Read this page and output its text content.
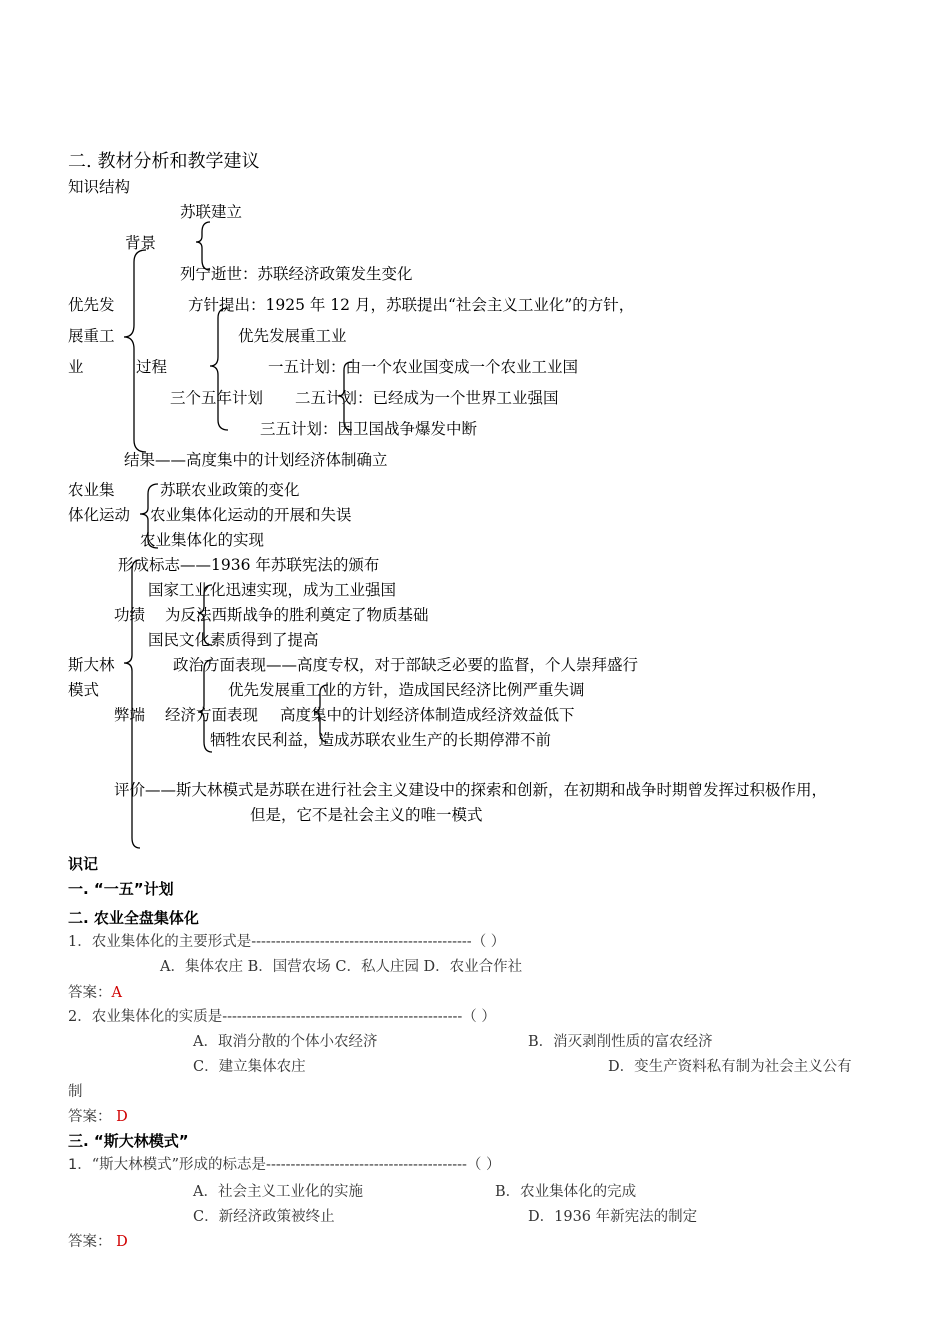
二. 教材分析和教学建议
知识结构
苏联建立
背景
列宁逝世：苏联经济政策发生变化
优先发
展重工
业
方针提出：1925 年 12 月，苏联提出“社会主义工业化”的方针，
优先发展重工业
过程	一五计划：由一个农业国变成一个农业工业国
三个五年计划 二五计划：已经成为一个世界工业强国
三五计划：因卫国战争爆发中断
结果——高度集中的计划经济体制确立
农业集
体化运动
苏联农业政策的变化
农业集体化运动的开展和失误
农业集体化的实现
形成标志——1936 年苏联宪法的颁布
国家工业化迅速实现，成为工业强国
功绩 为反法西斯战争的胜利奠定了物质基础
国民文化素质得到了提高
斯大林
模式
政治方面表现——高度专权，对于部缺乏必要的监督，个人崇拜盛行
优先发展重工业的方针，造成国民经济比例严重失调
弊端 经济方面表现 高度集中的计划经济体制造成经济效益低下
牺牲农民利益，造成苏联农业生产的长期停滞不前
评价——斯大林模式是苏联在进行社会主义建设中的探索和创新，在初期和战争时期曾发挥过积极作用，
但是，它不是社会主义的唯一模式
识记
一. “一五”计划
二. 农业全盘集体化
1．农业集体化的主要形式是---------------------------------------------（ ）
A．集体农庄 B．国营农场 C．私人庄园 D．农业合作社
答案：A
2．农业集体化的实质是-------------------------------------------------（ ）
A．取消分散的个体小农经济	B．消灭剥削性质的富农经济
C．建立集体农庄	D．变生产资料私有制为社会主义公有
制
答案： D
三. “斯大林模式”
1．“斯大林模式”形成的标志是-----------------------------------------（ ）
A．社会主义工业化的实施	B．农业集体化的完成
C．新经济政策被终止	D．1936 年新宪法的制定
答案： D
